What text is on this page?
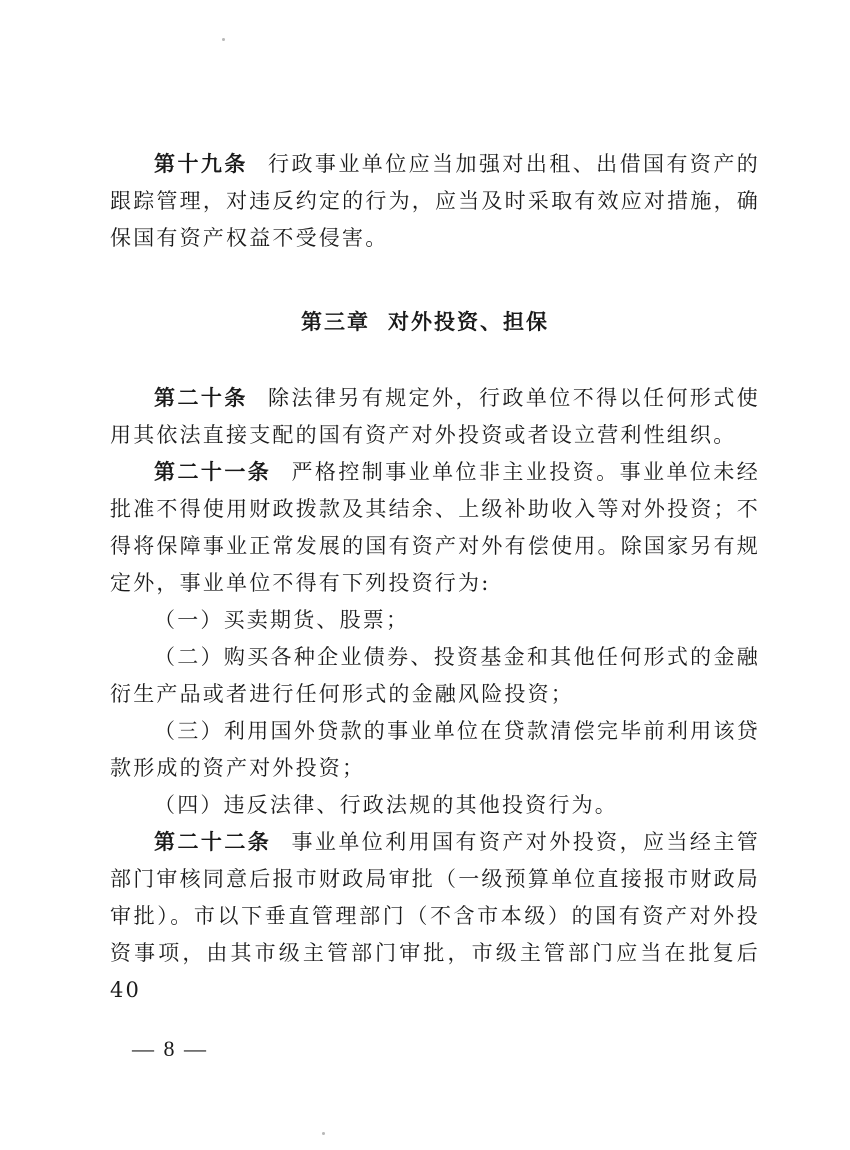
第十九条 行政事业单位应当加强对出租、出借国有资产的跟踪管理，对违反约定的行为，应当及时采取有效应对措施，确保国有资产权益不受侵害。

第三章 对外投资、担保

第二十条 除法律另有规定外，行政单位不得以任何形式使用其依法直接支配的国有资产对外投资或者设立营利性组织。

第二十一条 严格控制事业单位非主业投资。事业单位未经批准不得使用财政拨款及其结余、上级补助收入等对外投资；不得将保障事业正常发展的国有资产对外有偿使用。除国家另有规定外，事业单位不得有下列投资行为:

（一）买卖期货、股票；

（二）购买各种企业债券、投资基金和其他任何形式的金融衍生产品或者进行任何形式的金融风险投资；

（三）利用国外贷款的事业单位在贷款清偿完毕前利用该贷款形成的资产对外投资；

（四）违反法律、行政法规的其他投资行为。

第二十二条 事业单位利用国有资产对外投资，应当经主管部门审核同意后报市财政局审批（一级预算单位直接报市财政局审批）。市以下垂直管理部门（不含市本级）的国有资产对外投资事项，由其市级主管部门审批，市级主管部门应当在批复后 40

— 8 —
